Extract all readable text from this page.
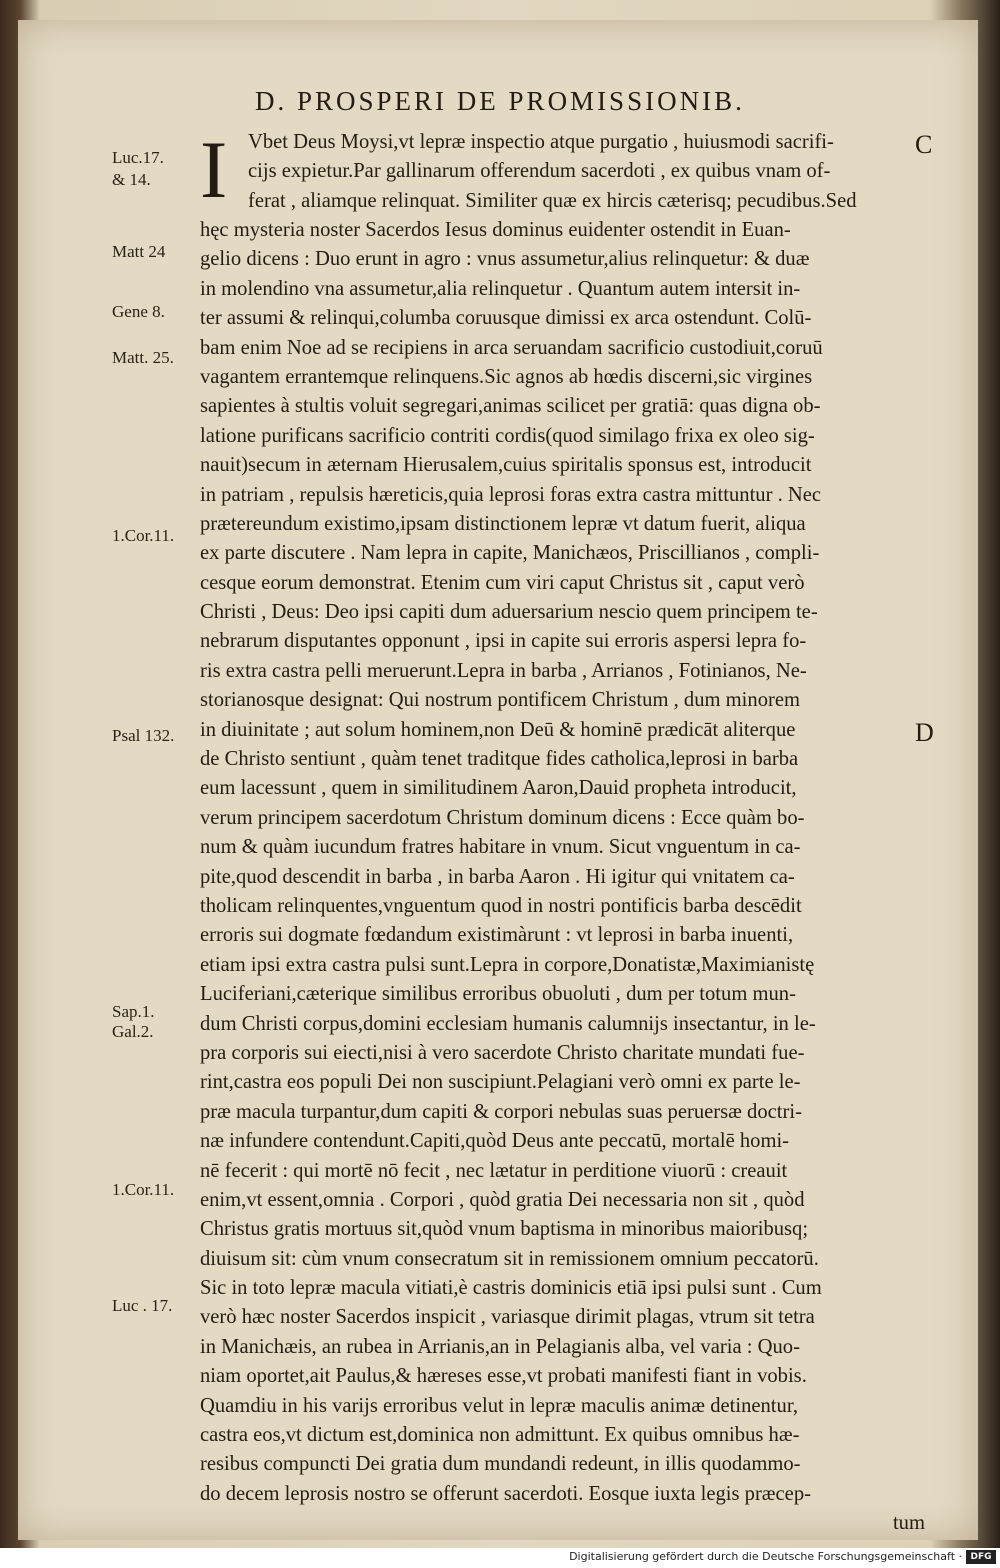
D. PROSPERI DE PROMISSIONIB.
I	Vbet Deus Moysi,vt lepræ inspectio atque purgatio , huiusmodi sacrifi-
cijs expietur.Par gallinarum offerendum sacerdoti , ex quibus vnam of-
ferat , aliamque relinquat. Similiter quæ ex hircis cæterisq; pecudibus.Sed
hęc mysteria noster Sacerdos Iesus dominus euidenter ostendit in Euan-
gelio dicens : Duo erunt in agro : vnus assumetur,alius relinquetur: & duæ
in molendino vna assumetur,alia relinquetur . Quantum autem intersit in-
ter assumi & relinqui,columba coruusque dimissi ex arca ostendunt. Colū-
bam enim Noe ad se recipiens in arca seruandam sacrificio custodiuit,coruū
vagantem errantemque relinquens.Sic agnos ab hœdis discerni,sic virgines
sapientes à stultis voluit segregari,animas scilicet per gratiā: quas digna ob-
latione purificans sacrificio contriti cordis(quod similago frixa ex oleo sig-
nauit)secum in æternam Hierusalem,cuius spiritalis sponsus est, introducit
in patriam , repulsis hæreticis,quia leprosi foras extra castra mittuntur . Nec
prætereundum existimo,ipsam distinctionem lepræ vt datum fuerit, aliqua
ex parte discutere . Nam lepra in capite, Manichæos, Priscillianos , compli-
cesque eorum demonstrat. Etenim cum viri caput Christus sit , caput verò
Christi , Deus: Deo ipsi capiti dum aduersarium nescio quem principem te-
nebrarum disputantes opponunt , ipsi in capite sui erroris aspersi lepra fo-
ris extra castra pelli meruerunt.Lepra in barba , Arrianos , Fotinianos, Ne-
storianosque designat: Qui nostrum pontificem Christum , dum minorem
in diuinitate ; aut solum hominem,non Deū & hominē prædicāt aliterque
de Christo sentiunt , quàm tenet traditque fides catholica,leprosi in barba
eum lacessunt , quem in similitudinem Aaron,Dauid propheta introducit,
verum principem sacerdotum Christum dominum dicens : Ecce quàm bo-
num & quàm iucundum fratres habitare in vnum. Sicut vnguentum in ca-
pite,quod descendit in barba , in barba Aaron . Hi igitur qui vnitatem ca-
tholicam relinquentes,vnguentum quod in nostri pontificis barba descēdit
erroris sui dogmate fœdandum existimàrunt : vt leprosi in barba inuenti,
etiam ipsi extra castra pulsi sunt.Lepra in corpore,Donatistæ,Maximianistę
Luciferiani,cæterique similibus erroribus obuoluti , dum per totum mun-
dum Christi corpus,domini ecclesiam humanis calumnijs insectantur, in le-
pra corporis sui eiecti,nisi à vero sacerdote Christo charitate mundati fue-
rint,castra eos populi Dei non suscipiunt.Pelagiani verò omni ex parte le-
præ macula turpantur,dum capiti & corpori nebulas suas peruersæ doctri-
næ infundere contendunt.Capiti,quòd Deus ante peccatū, mortalē homi-
nē fecerit : qui mortē nō fecit , nec lætatur in perditione viuorū : creauit
enim,vt essent,omnia . Corpori , quòd gratia Dei necessaria non sit , quòd
Christus gratis mortuus sit,quòd vnum baptisma in minoribus maioribusq;
diuisum sit: cùm vnum consecratum sit in remissionem omnium peccatorū.
Sic in toto lepræ macula vitiati,è castris dominicis etiā ipsi pulsi sunt . Cum
verò hæc noster Sacerdos inspicit , variasque dirimit plagas, vtrum sit tetra
in Manichæis, an rubea in Arrianis,an in Pelagianis alba, vel varia : Quo-
niam oportet,ait Paulus,& hæreses esse,vt probati manifesti fiant in vobis.
Quamdiu in his varijs erroribus velut in lepræ maculis animæ detinentur,
castra eos,vt dictum est,dominica non admittunt. Ex quibus omnibus hæ-
resibus compuncti Dei gratia dum mundandi redeunt, in illis quodammo-
do decem leprosis nostro se offerunt sacerdoti. Eosque iuxta legis præcep-
tum
C
D
Luc.17.
& 14.
Matt 24
Gene 8.
Matt. 25.
1.Cor.11.
Psal 132.
Sap.1.
Gal.2.
1.Cor.11.
Luc . 17.
Digitalisierung gefördert durch die Deutsche Forschungsgemeinschaft · DFG
